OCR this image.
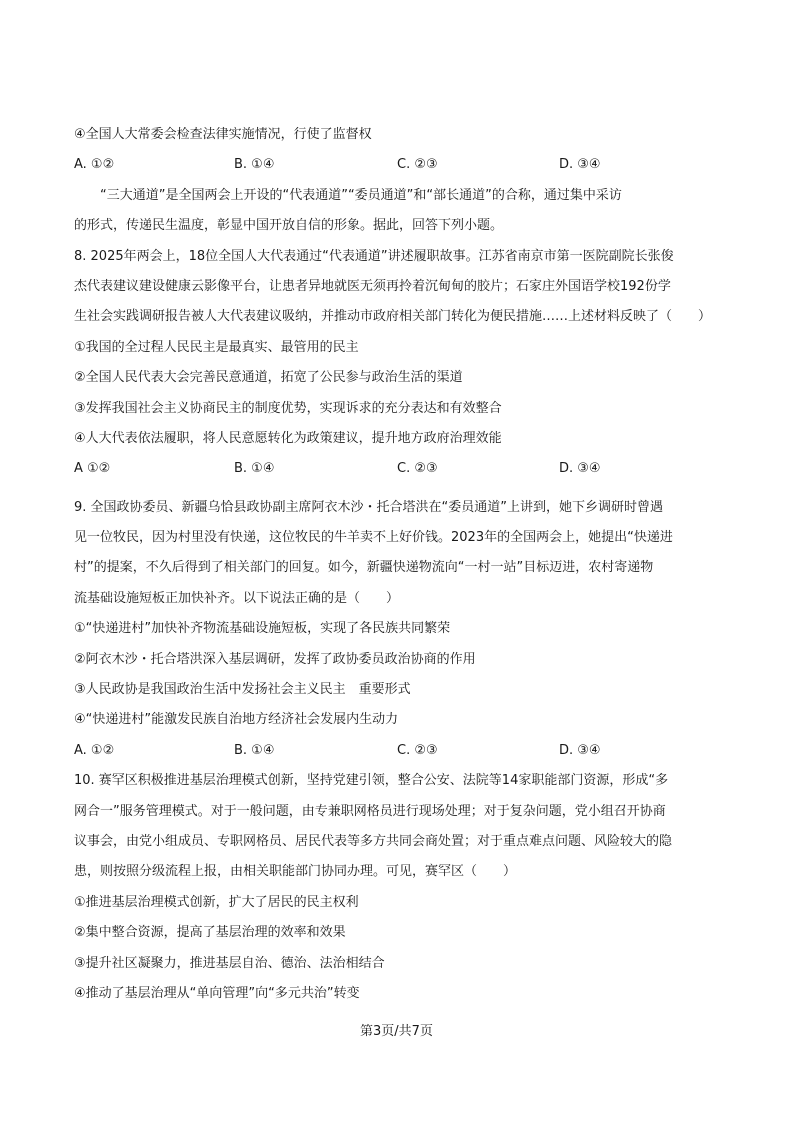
④全国人大常委会检查法律实施情况，行使了监督权
A. ①②	B. ①④	C. ②③	D. ③④
“三大通道”是全国两会上开设的“代表通道”“委员通道”和“部长通道”的合称，通过集中采访
的形式，传递民生温度，彰显中国开放自信的形象。据此，回答下列小题。
8. 2025年两会上，18位全国人大代表通过“代表通道”讲述履职故事。江苏省南京市第一医院副院长张俊
杰代表建议建设健康云影像平台，让患者异地就医无须再拎着沉甸甸的胶片；石家庄外国语学校192份学
生社会实践调研报告被人大代表建议吸纳，并推动市政府相关部门转化为便民措施……上述材料反映了（　　）
①我国的全过程人民民主是最真实、最管用的民主
②全国人民代表大会完善民意通道，拓宽了公民参与政治生活的渠道
③发挥我国社会主义协商民主的制度优势，实现诉求的充分表达和有效整合
④人大代表依法履职，将人民意愿转化为政策建议，提升地方政府治理效能
A ①②	B. ①④	C. ②③	D. ③④
9. 全国政协委员、新疆乌恰县政协副主席阿衣木沙・托合塔洪在“委员通道”上讲到，她下乡调研时曾遇
见一位牧民，因为村里没有快递，这位牧民的牛羊卖不上好价钱。2023年的全国两会上，她提出“快递进
村”的提案，不久后得到了相关部门的回复。如今，新疆快递物流向“一村一站”目标迈进，农村寄递物
流基础设施短板正加快补齐。以下说法正确的是（　　）
①“快递进村”加快补齐物流基础设施短板，实现了各民族共同繁荣
②阿衣木沙・托合塔洪深入基层调研，发挥了政协委员政治协商的作用
③人民政协是我国政治生活中发扬社会主义民主　重要形式
④“快递进村”能激发民族自治地方经济社会发展内生动力
A. ①②	B. ①④	C. ②③	D. ③④
10. 赛罕区积极推进基层治理模式创新，坚持党建引领，整合公安、法院等14家职能部门资源，形成“多
网合一”服务管理模式。对于一般问题，由专兼职网格员进行现场处理；对于复杂问题，党小组召开协商
议事会，由党小组成员、专职网格员、居民代表等多方共同会商处置；对于重点难点问题、风险较大的隐
患，则按照分级流程上报，由相关职能部门协同办理。可见，赛罕区（　　）
①推进基层治理模式创新，扩大了居民的民主权利
②集中整合资源，提高了基层治理的效率和效果
③提升社区凝聚力，推进基层自治、德治、法治相结合
④推动了基层治理从“单向管理”向“多元共治”转变
第3页/共7页
